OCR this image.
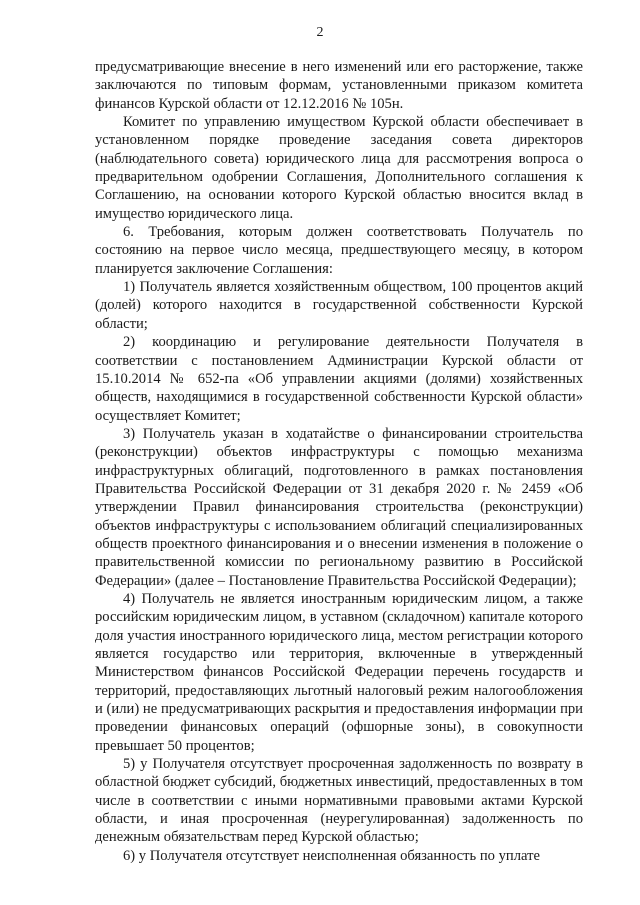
2

предусматривающие внесение в него изменений или его расторжение, также заключаются по типовым формам, установленными приказом комитета финансов Курской области от 12.12.2016 № 105н.

Комитет по управлению имуществом Курской области обеспечивает в установленном порядке проведение заседания совета директоров (наблюдательного совета) юридического лица для рассмотрения вопроса о предварительном одобрении Соглашения, Дополнительного соглашения к Соглашению, на основании которого Курской областью вносится вклад в имущество юридического лица.

6. Требования, которым должен соответствовать Получатель по состоянию на первое число месяца, предшествующего месяцу, в котором планируется заключение Соглашения:

1) Получатель является хозяйственным обществом, 100 процентов акций (долей) которого находится в государственной собственности Курской области;

2) координацию и регулирование деятельности Получателя в соответствии с постановлением Администрации Курской области от 15.10.2014 № 652-па «Об управлении акциями (долями) хозяйственных обществ, находящимися в государственной собственности Курской области» осуществляет Комитет;

3) Получатель указан в ходатайстве о финансировании строительства (реконструкции) объектов инфраструктуры с помощью механизма инфраструктурных облигаций, подготовленного в рамках постановления Правительства Российской Федерации от 31 декабря 2020 г. № 2459 «Об утверждении Правил финансирования строительства (реконструкции) объектов инфраструктуры с использованием облигаций специализированных обществ проектного финансирования и о внесении изменения в положение о правительственной комиссии по региональному развитию в Российской Федерации» (далее – Постановление Правительства Российской Федерации);

4) Получатель не является иностранным юридическим лицом, а также российским юридическим лицом, в уставном (складочном) капитале которого доля участия иностранного юридического лица, местом регистрации которого является государство или территория, включенные в утвержденный Министерством финансов Российской Федерации перечень государств и территорий, предоставляющих льготный налоговый режим налогообложения и (или) не предусматривающих раскрытия и предоставления информации при проведении финансовых операций (офшорные зоны), в совокупности превышает 50 процентов;

5) у Получателя отсутствует просроченная задолженность по возврату в областной бюджет субсидий, бюджетных инвестиций, предоставленных в том числе в соответствии с иными нормативными правовыми актами Курской области, и иная просроченная (неурегулированная) задолженность по денежным обязательствам перед Курской областью;

6) у Получателя отсутствует неисполненная обязанность по уплате
